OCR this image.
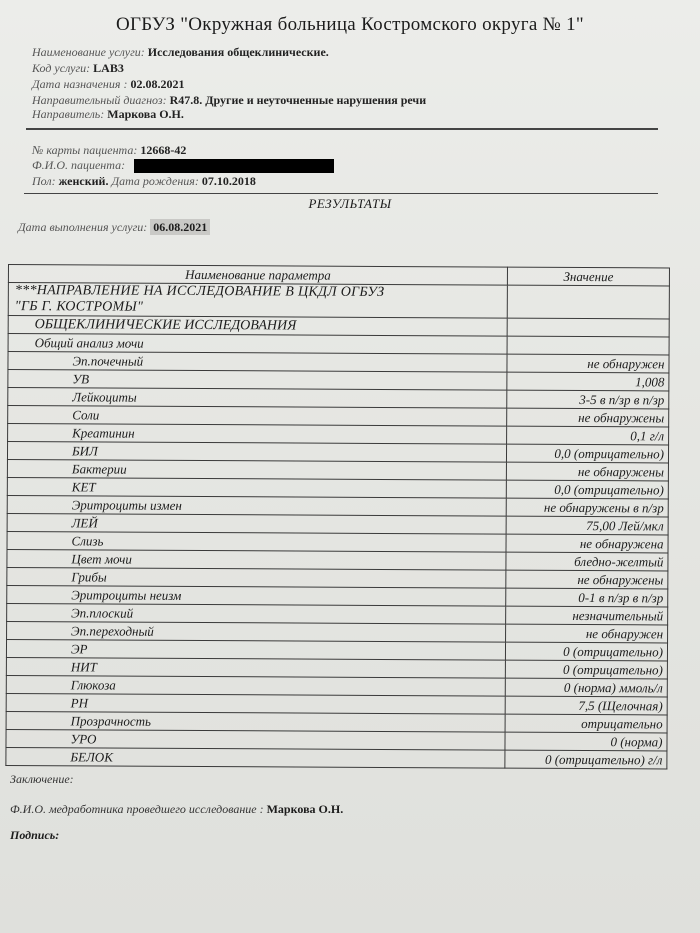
ОГБУЗ "Окружная больница Костромского округа № 1"
Наименование услуги: Исследования общеклинические.
Код услуги: LAB3
Дата назначения : 02.08.2021
Направительный диагноз: R47.8. Другие и неуточненные нарушения речи
Направитель: Маркова О.Н.
№ карты пациента: 12668-42
Ф.И.О. пациента:
Пол: женский. Дата рождения: 07.10.2018
РЕЗУЛЬТАТЫ
Дата выполнения услуги: 06.08.2021
Наименование параметра	Значение

***НАПРАВЛЕНИЕ НА ИССЛЕДОВАНИЕ В ЦКДЛ ОГБУЗ
"ГБ Г. КОСТРОМЫ"	

ОБЩЕКЛИНИЧЕСКИЕ ИССЛЕДОВАНИЯ	
Общий анализ мочи	
Эп.почечный	не обнаружен
УВ	1,008
Лейкоциты	3-5 в п/зр в п/зр
Соли	не обнаружены
Креатинин	0,1 г/л
БИЛ	0,0 (отрицательно)
Бактерии	не обнаружены
КЕТ	0,0 (отрицательно)
Эритроциты измен	не обнаружены в п/зр
ЛЕЙ	75,00 Лей/мкл
Слизь	не обнаружена
Цвет мочи	бледно-желтый
Грибы	не обнаружены
Эритроциты неизм	0-1 в п/зр в п/зр
Эп.плоский	незначительный
Эп.переходный	не обнаружен
ЭР	0 (отрицательно)
НИТ	0 (отрицательно)
Глюкоза	0 (норма) ммоль/л
PH	7,5 (Щелочная)
Прозрачность	отрицательно
УРО	0 (норма)
БЕЛОК	0 (отрицательно) г/л
Заключение:
Ф.И.О. медработника проведшего исследование : Маркова О.Н.
Подпись:
